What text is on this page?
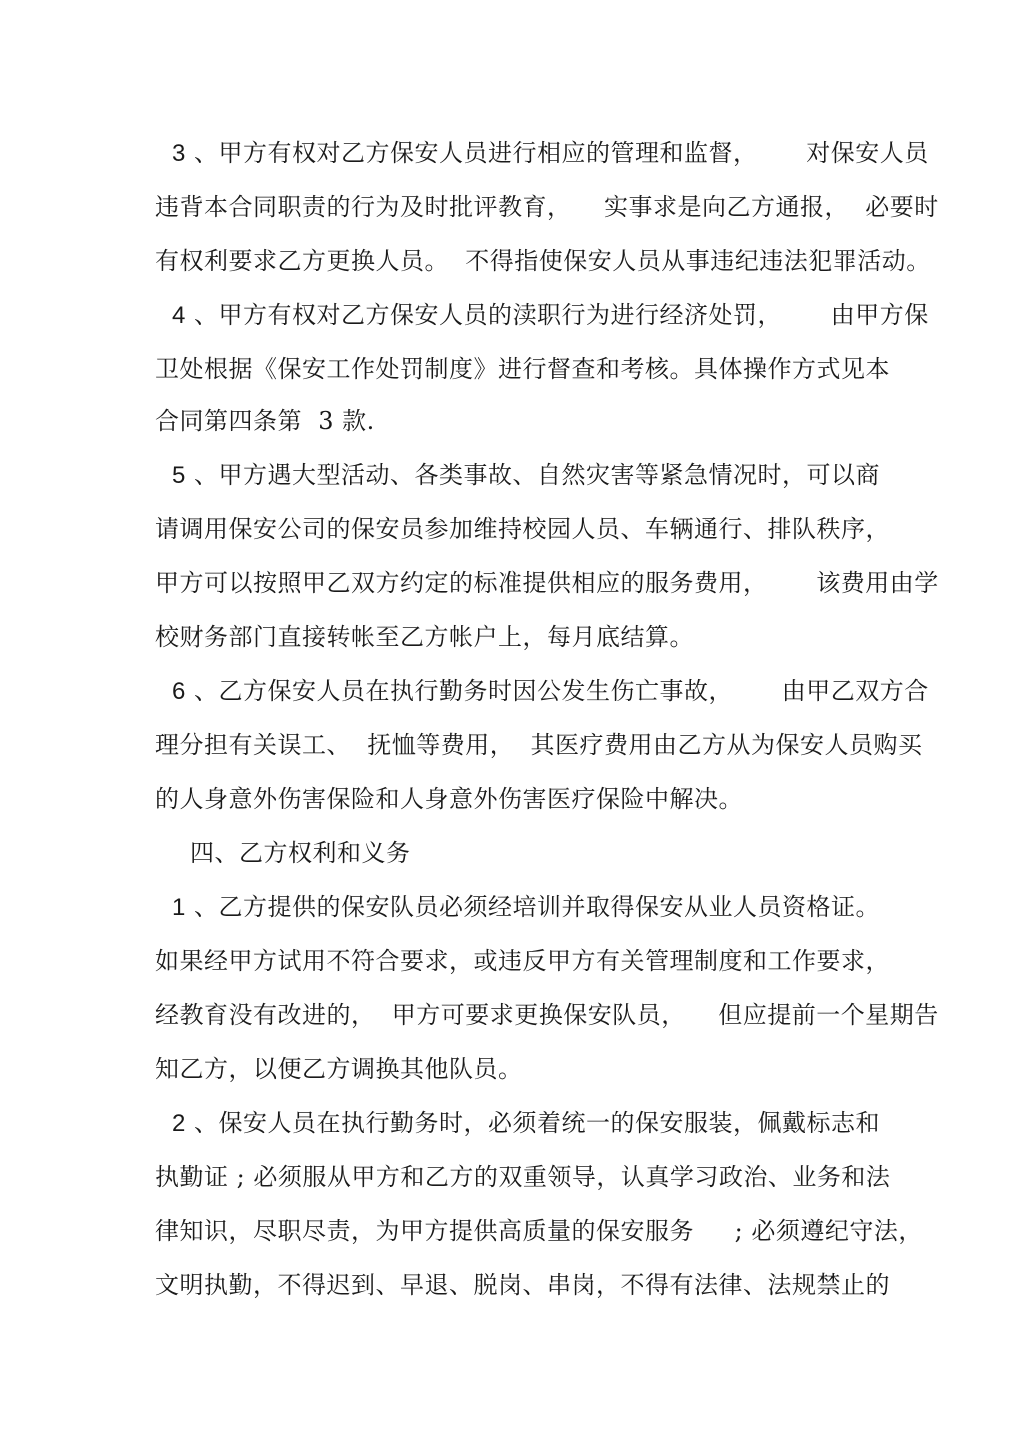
3 、甲方有权对乙方保安人员进行相应的管理和监督，      对保安人员
违背本合同职责的行为及时批评教育，    实事求是向乙方通报，  必要时
有权利要求乙方更换人员。  不得指使保安人员从事违纪违法犯罪活动。
4 、甲方有权对乙方保安人员的渎职行为进行经济处罚，      由甲方保
卫处根据《保安工作处罚制度》进行督查和考核。具体操作方式见本
合同第四条第  3 款.
5 、甲方遇大型活动、各类事故、自然灾害等紧急情况时，可以商
请调用保安公司的保安员参加维持校园人员、车辆通行、排队秩序，
甲方可以按照甲乙双方约定的标准提供相应的服务费用，      该费用由学
校财务部门直接转帐至乙方帐户上，每月底结算。
6 、乙方保安人员在执行勤务时因公发生伤亡事故，      由甲乙双方合
理分担有关误工、  抚恤等费用，  其医疗费用由乙方从为保安人员购买
的人身意外伤害保险和人身意外伤害医疗保险中解决。
四、乙方权利和义务
1 、乙方提供的保安队员必须经培训并取得保安从业人员资格证。
如果经甲方试用不符合要求，或违反甲方有关管理制度和工作要求，
经教育没有改进的，  甲方可要求更换保安队员，    但应提前一个星期告
知乙方，以便乙方调换其他队员。
2 、保安人员在执行勤务时，必须着统一的保安服装，佩戴标志和
执勤证 ; 必须服从甲方和乙方的双重领导，认真学习政治、业务和法
律知识，尽职尽责，为甲方提供高质量的保安服务     ; 必须遵纪守法，
文明执勤，不得迟到、早退、脱岗、串岗，不得有法律、法规禁止的
